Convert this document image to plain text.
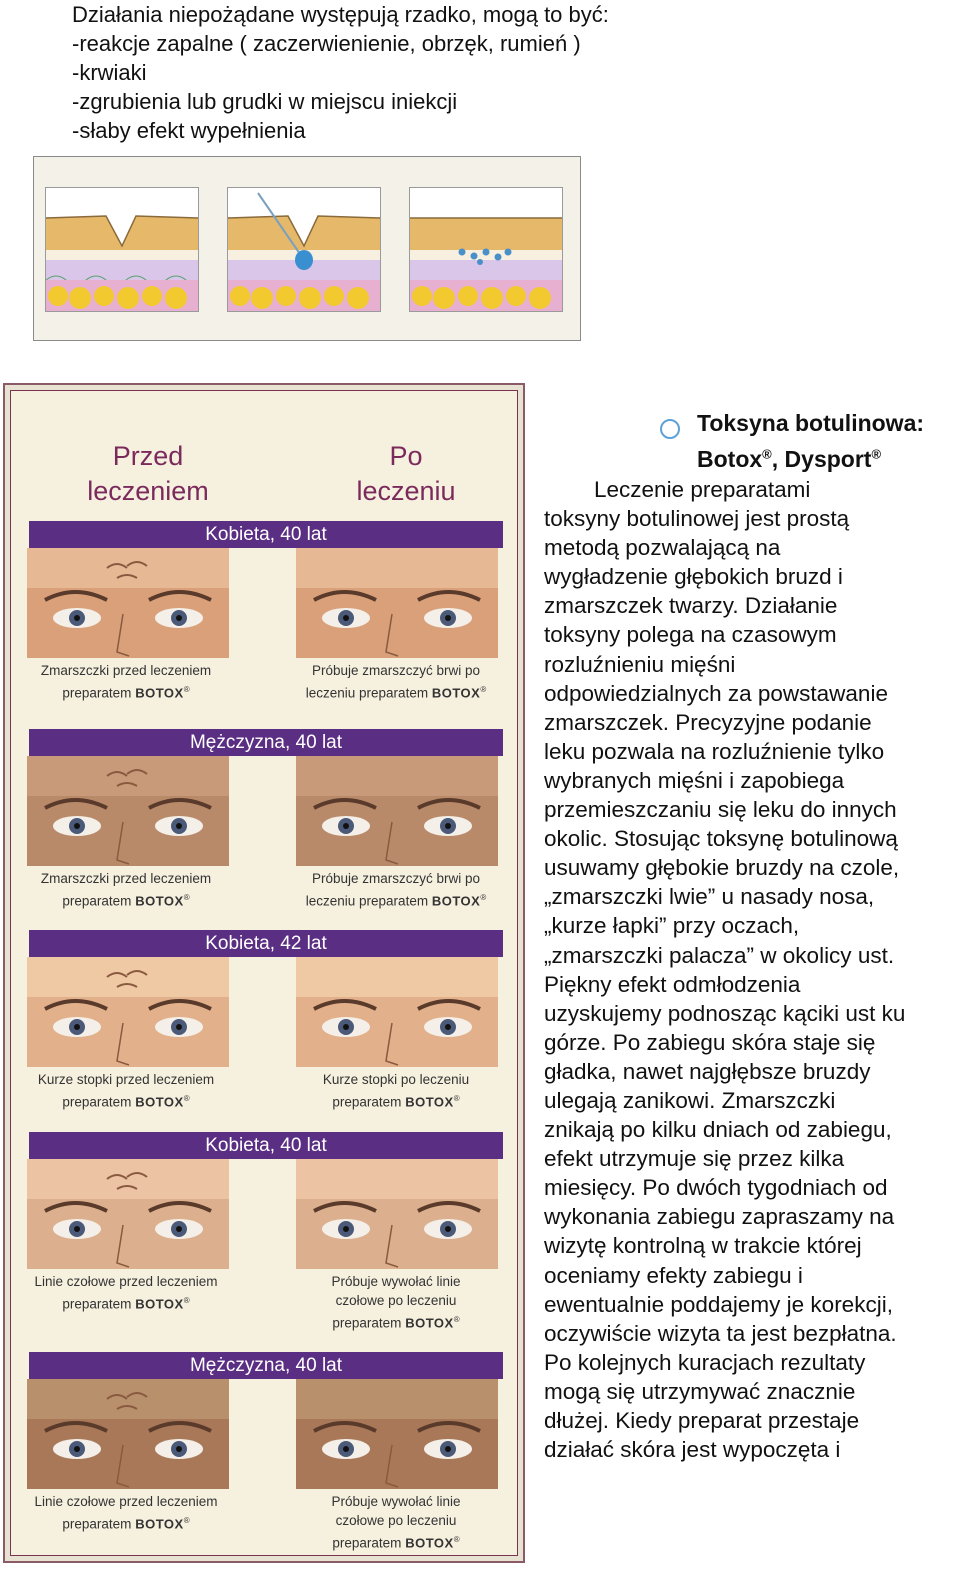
Działania niepożądane występują rzadko, mogą to być:
-reakcje zapalne ( zaczerwienienie, obrzęk, rumień )
-krwiaki
-zgrubienia lub grudki w miejscu iniekcji
-słaby efekt wypełnienia
Przed
leczeniem
Po
leczeniu
Kobieta, 40 lat
Zmarszczki przed leczeniem
preparatem BOTOX®
Próbuje zmarszczyć brwi po
leczeniu preparatem BOTOX®
Mężczyzna, 40 lat
Zmarszczki przed leczeniem
preparatem BOTOX®
Próbuje zmarszczyć brwi po
leczeniu preparatem BOTOX®
Kobieta, 42 lat
Kurze stopki przed leczeniem
preparatem BOTOX®
Kurze stopki po leczeniu
preparatem BOTOX®
Kobieta, 40 lat
Linie czołowe przed leczeniem
preparatem BOTOX®
Próbuje wywołać linie
czołowe po leczeniu
preparatem BOTOX®
Mężczyzna, 40 lat
Linie czołowe przed leczeniem
preparatem BOTOX®
Próbuje wywołać linie
czołowe po leczeniu
preparatem BOTOX®
Toksyna botulinowa:
Botox®, Dysport®
Leczenie preparatami
toksyny botulinowej jest prostą
metodą pozwalającą na
wygładzenie głębokich bruzd i
zmarszczek twarzy. Działanie
toksyny polega na czasowym
rozluźnieniu mięśni
odpowiedzialnych za powstawanie
zmarszczek. Precyzyjne podanie
leku pozwala na rozluźnienie tylko
wybranych mięśni i zapobiega
przemieszczaniu się leku do innych
okolic. Stosując toksynę botulinową
usuwamy głębokie bruzdy na czole,
„zmarszczki lwie” u nasady nosa,
„kurze łapki” przy oczach,
„zmarszczki palacza” w okolicy ust.
Piękny efekt odmłodzenia
uzyskujemy podnosząc kąciki ust ku
górze. Po zabiegu skóra staje się
gładka, nawet najgłębsze bruzdy
ulegają zanikowi. Zmarszczki
znikają po kilku dniach od zabiegu,
efekt utrzymuje się przez kilka
miesięcy. Po dwóch tygodniach od
wykonania zabiegu zapraszamy na
wizytę kontrolną w trakcie której
oceniamy efekty zabiegu i
ewentualnie poddajemy je korekcji,
oczywiście wizyta ta jest bezpłatna.
Po kolejnych kuracjach rezultaty
mogą się utrzymywać znacznie
dłużej. Kiedy preparat przestaje
działać skóra jest wypoczęta i
